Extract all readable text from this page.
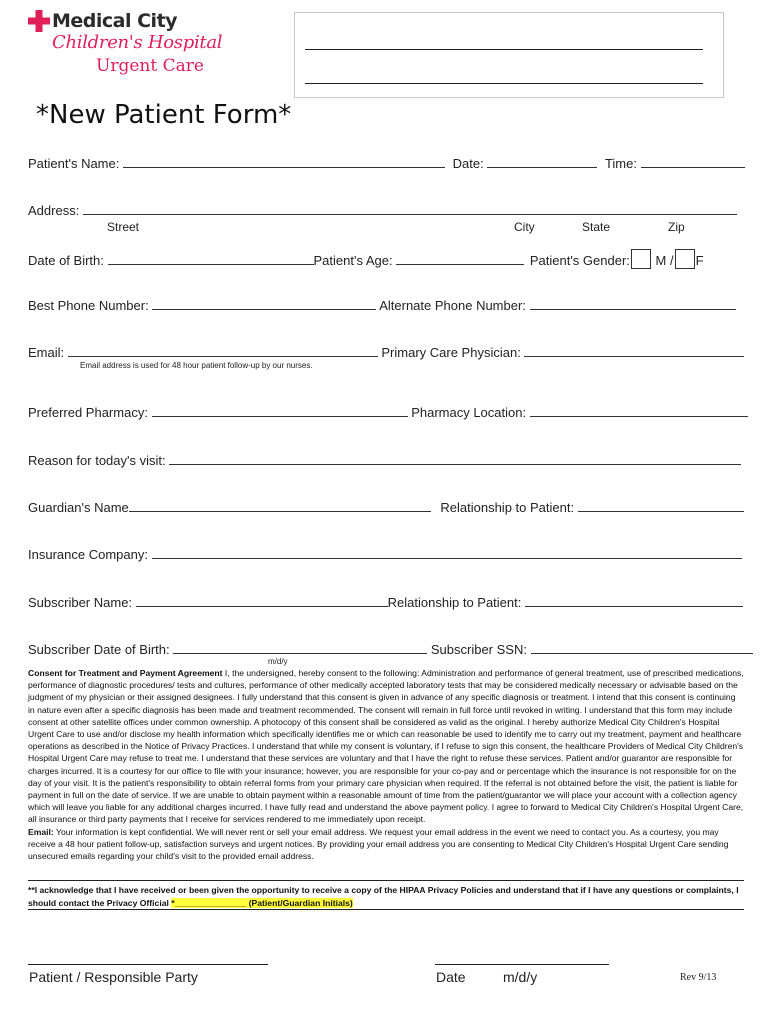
Medical City
Children's Hospital
Urgent Care
*New Patient Form*
Patient's Name:	Date:	Time:
Address:
Street	City	State	Zip
Date of Birth:	Patient's Age:	Patient's Gender: M / F
Best Phone Number:	Alternate Phone Number:
Email:	Primary Care Physician:
Email address is used for 48 hour patient follow-up by our nurses.
Preferred Pharmacy:	Pharmacy Location:
Reason for today's visit:
Guardian's Name	Relationship to Patient:
Insurance Company:
Subscriber Name:	Relationship to Patient:
Subscriber Date of Birth:	Subscriber SSN:
m/d/y
Consent for Treatment and Payment Agreement I, the undersigned, hereby consent to the following: Administration and performance of general treatment, use of prescribed medications, performance of diagnostic procedures/ tests and cultures, performance of other medically accepted laboratory tests that may be considered medically necessary or advisable based on the judgment of my physician or their assigned designees. I fully understand that this consent is given in advance of any specific diagnosis or treatment. I intend that this consent is continuing in nature even after a specific diagnosis has been made and treatment recommended. The consent will remain in full force until revoked in writing. I understand that this form may include consent at other satellite offices under common ownership. A photocopy of this consent shall be considered as valid as the original. I hereby authorize Medical City Children's Hospital Urgent Care to use and/or disclose my health information which specifically identifies me or which can reasonable be used to identify me to carry out my treatment, payment and healthcare operations as described in the Notice of Privacy Practices. I understand that while my consent is voluntary, if I refuse to sign this consent, the healthcare Providers of Medical City Children's Hospital Urgent Care may refuse to treat me. I understand that these services are voluntary and that I have the right to refuse these services. Patient and/or guarantor are responsible for charges incurred. It is a courtesy for our office to file with your insurance; however, you are responsible for your co-pay and or percentage which the insurance is not responsible for on the day of your visit. It is the patient's responsibility to obtain referral forms from your primary care physician when required. If the referral is not obtained before the visit, the patient is liable for payment in full on the date of service. If we are unable to obtain payment within a reasonable amount of time from the patient/guarantor we will place your account with a collection agency which will leave you liable for any additional charges incurred. I have fully read and understand the above payment policy. I agree to forward to Medical City Children's Hospital Urgent Care, all insurance or third party payments that I receive for services rendered to me immediately upon receipt.
Email: Your information is kept confidential. We will never rent or sell your email address. We request your email address in the event we need to contact you. As a courtesy, you may receive a 48 hour patient follow-up, satisfaction surveys and urgent notices. By providing your email address you are consenting to Medical City Children's Hospital Urgent Care sending unsecured emails regarding your child's visit to the provided email address.
**I acknowledge that I have received or been given the opportunity to receive a copy of the HIPAA Privacy Policies and understand that if I have any questions or complaints, I should contact the Privacy Official *_______________ (Patient/Guardian Initials)
Patient / Responsible Party	Date	m/d/y	Rev 9/13
